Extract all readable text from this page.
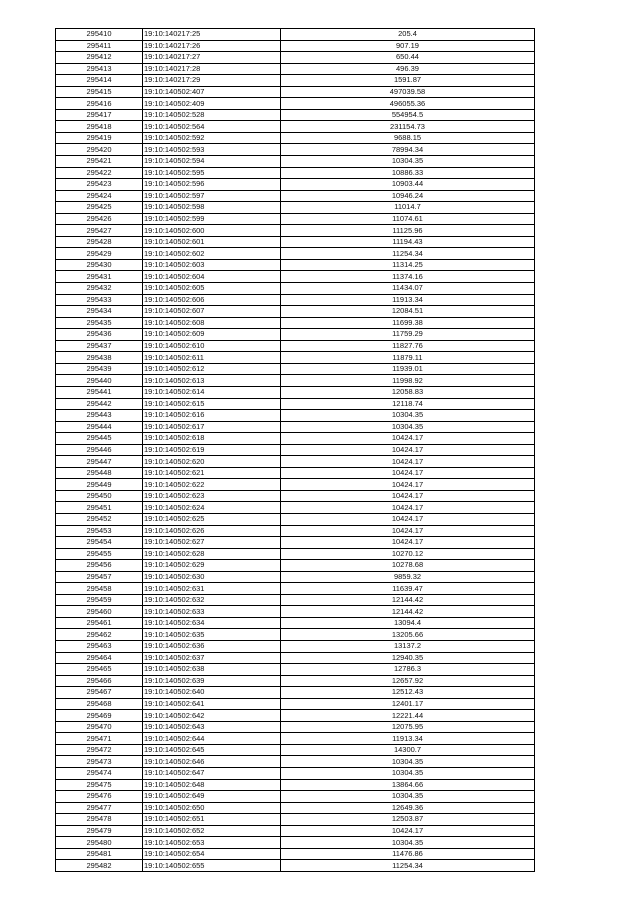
295410	19:10:140217:25	205.4
295411	19:10:140217:26	907.19
295412	19:10:140217:27	650.44
295413	19:10:140217:28	496.39
295414	19:10:140217:29	1591.87
295415	19:10:140502:407	497039.58
295416	19:10:140502:409	496055.36
295417	19:10:140502:528	554954.5
295418	19:10:140502:564	231154.73
295419	19:10:140502:592	9688.15
295420	19:10:140502:593	78994.34
295421	19:10:140502:594	10304.35
295422	19:10:140502:595	10886.33
295423	19:10:140502:596	10903.44
295424	19:10:140502:597	10946.24
295425	19:10:140502:598	11014.7
295426	19:10:140502:599	11074.61
295427	19:10:140502:600	11125.96
295428	19:10:140502:601	11194.43
295429	19:10:140502:602	11254.34
295430	19:10:140502:603	11314.25
295431	19:10:140502:604	11374.16
295432	19:10:140502:605	11434.07
295433	19:10:140502:606	11913.34
295434	19:10:140502:607	12084.51
295435	19:10:140502:608	11699.38
295436	19:10:140502:609	11759.29
295437	19:10:140502:610	11827.76
295438	19:10:140502:611	11879.11
295439	19:10:140502:612	11939.01
295440	19:10:140502:613	11998.92
295441	19:10:140502:614	12058.83
295442	19:10:140502:615	12118.74
295443	19:10:140502:616	10304.35
295444	19:10:140502:617	10304.35
295445	19:10:140502:618	10424.17
295446	19:10:140502:619	10424.17
295447	19:10:140502:620	10424.17
295448	19:10:140502:621	10424.17
295449	19:10:140502:622	10424.17
295450	19:10:140502:623	10424.17
295451	19:10:140502:624	10424.17
295452	19:10:140502:625	10424.17
295453	19:10:140502:626	10424.17
295454	19:10:140502:627	10424.17
295455	19:10:140502:628	10270.12
295456	19:10:140502:629	10278.68
295457	19:10:140502:630	9859.32
295458	19:10:140502:631	11639.47
295459	19:10:140502:632	12144.42
295460	19:10:140502:633	12144.42
295461	19:10:140502:634	13094.4
295462	19:10:140502:635	13205.66
295463	19:10:140502:636	13137.2
295464	19:10:140502:637	12940.35
295465	19:10:140502:638	12786.3
295466	19:10:140502:639	12657.92
295467	19:10:140502:640	12512.43
295468	19:10:140502:641	12401.17
295469	19:10:140502:642	12221.44
295470	19:10:140502:643	12075.95
295471	19:10:140502:644	11913.34
295472	19:10:140502:645	14300.7
295473	19:10:140502:646	10304.35
295474	19:10:140502:647	10304.35
295475	19:10:140502:648	13864.66
295476	19:10:140502:649	10304.35
295477	19:10:140502:650	12649.36
295478	19:10:140502:651	12503.87
295479	19:10:140502:652	10424.17
295480	19:10:140502:653	10304.35
295481	19:10:140502:654	11476.86
295482	19:10:140502:655	11254.34
